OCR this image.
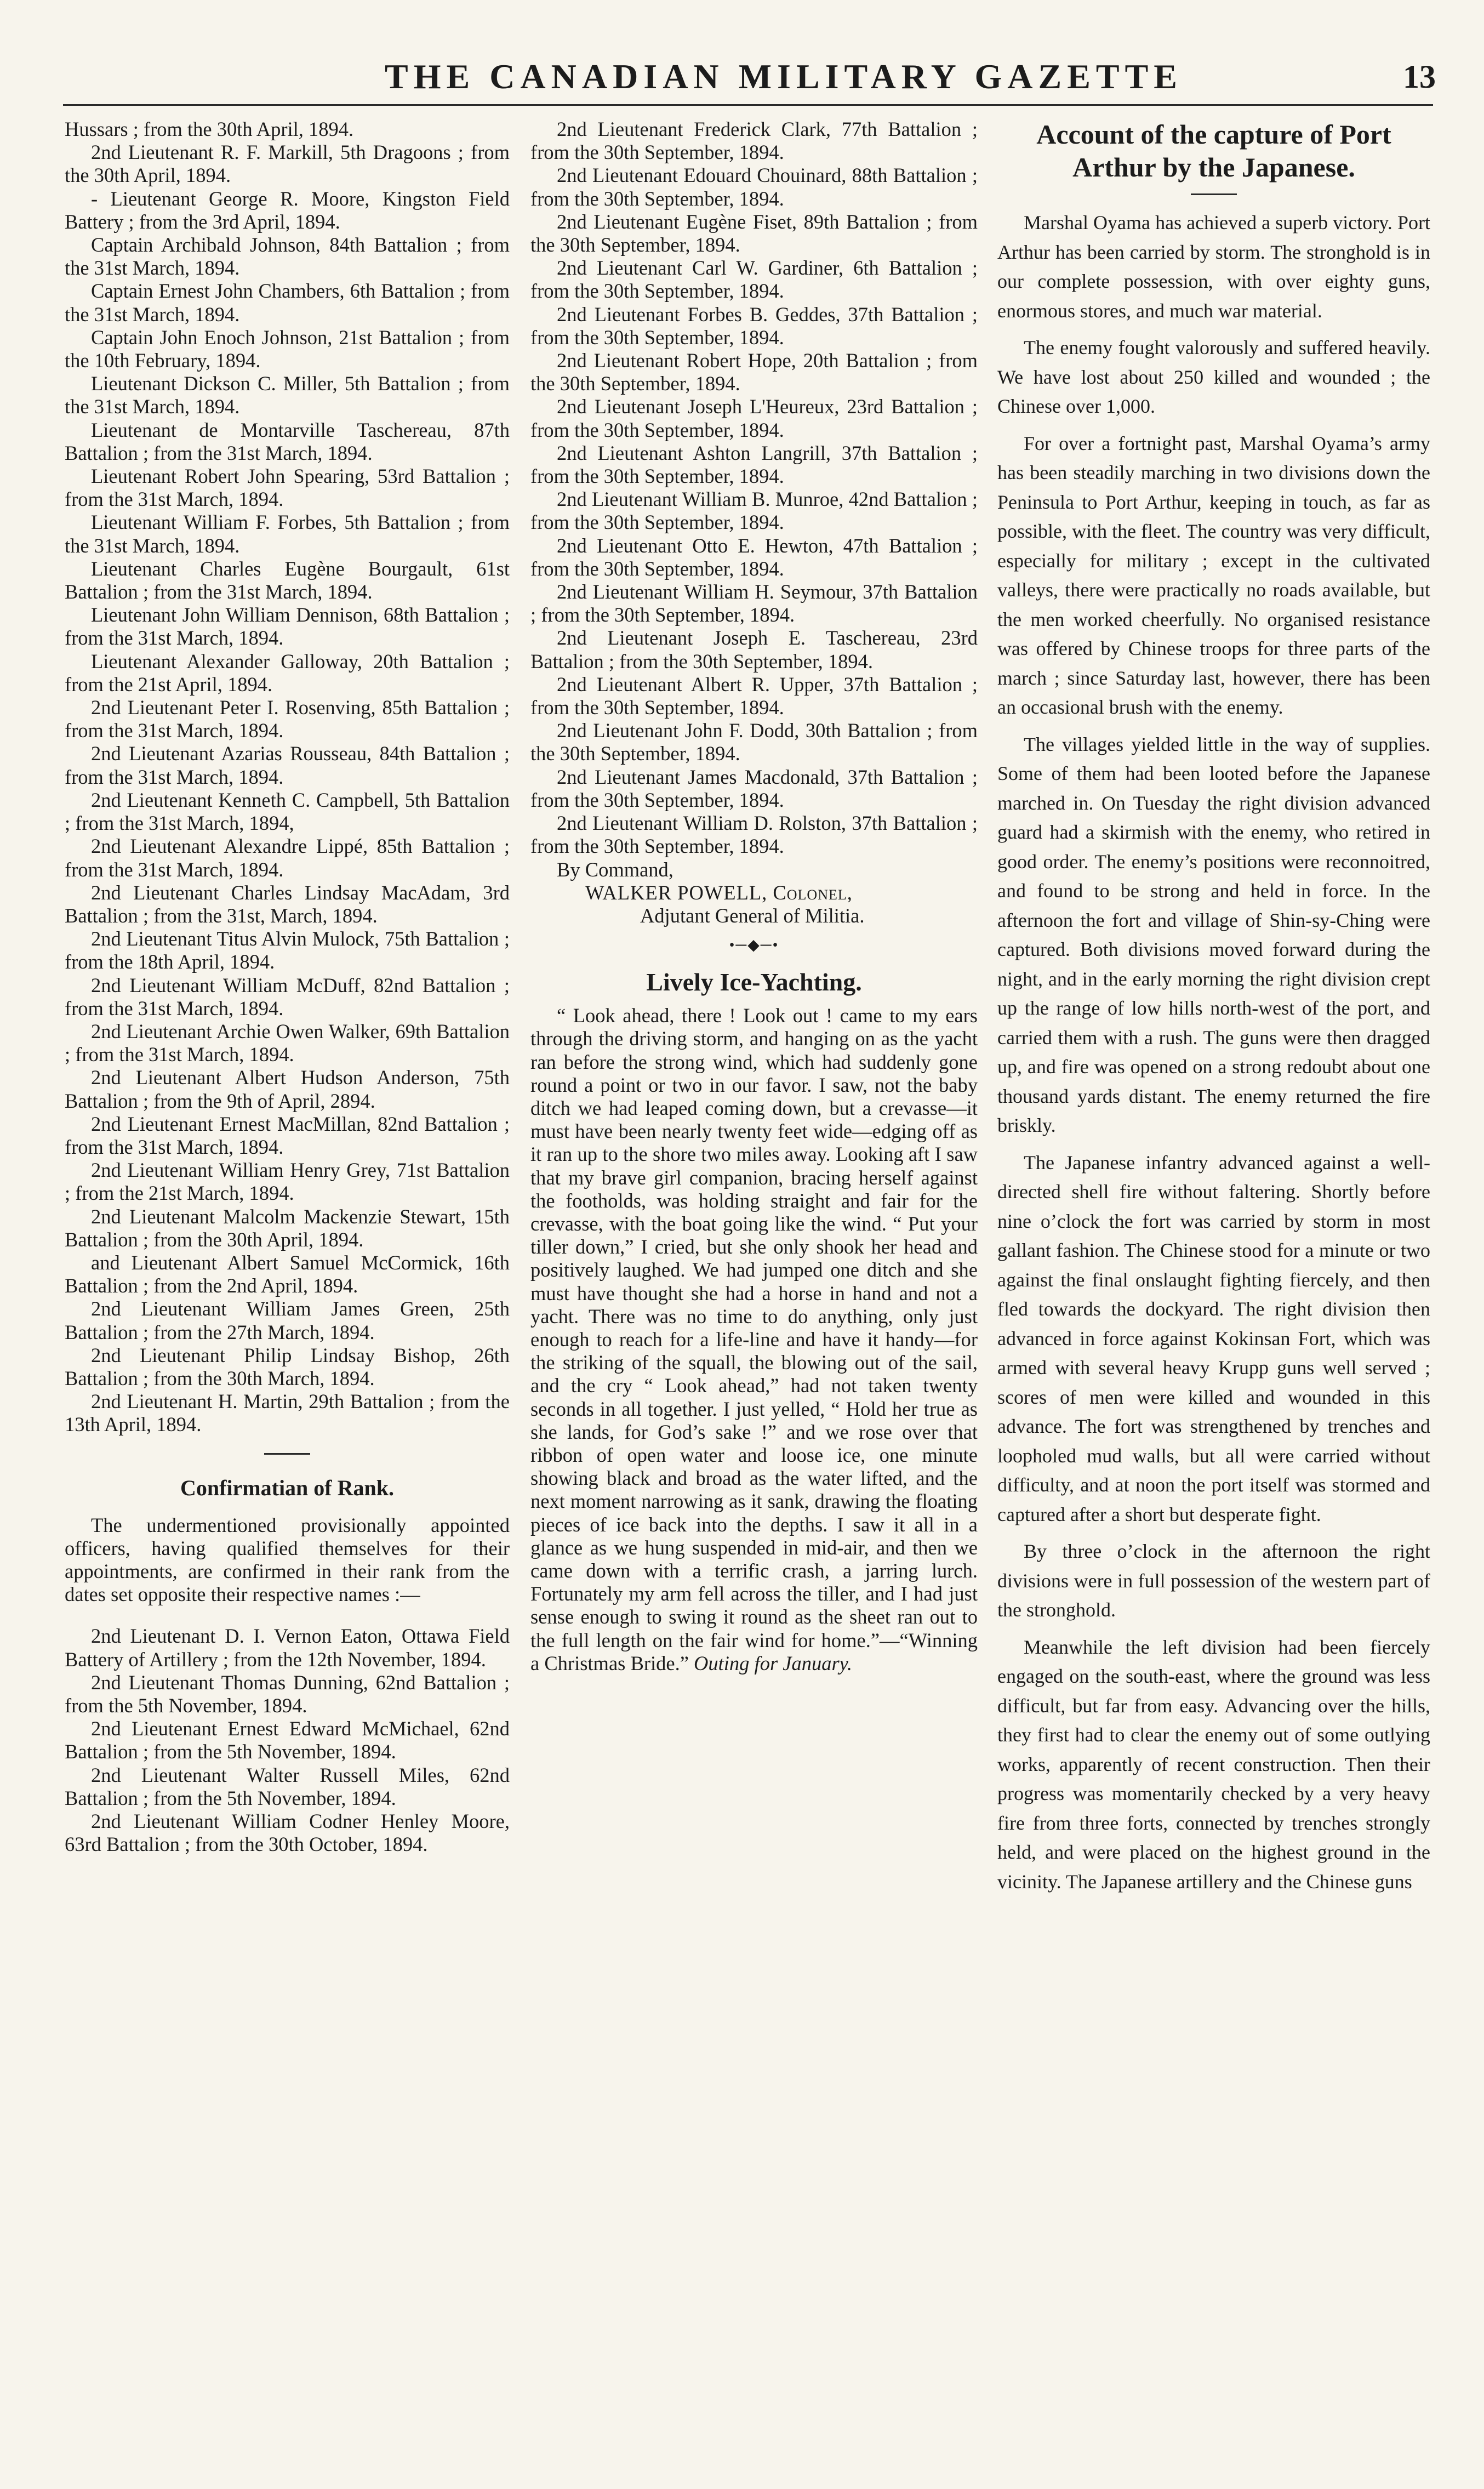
THE CANADIAN MILITARY GAZETTE	13

Hussars ; from the 30th April, 1894.

2nd Lieutenant R. F. Markill, 5th Dragoons ; from the 30th April, 1894.

- Lieutenant George R. Moore, Kingston Field Battery ; from the 3rd April, 1894.

Captain Archibald Johnson, 84th Battalion ; from the 31st March, 1894.

Captain Ernest John Chambers, 6th Battalion ; from the 31st March, 1894.

Captain John Enoch Johnson, 21st Battalion ; from the 10th February, 1894.

Lieutenant Dickson C. Miller, 5th Battalion ; from the 31st March, 1894.

Lieutenant de Montarville Taschereau, 87th Battalion ; from the 31st March, 1894.

Lieutenant Robert John Spearing, 53rd Battalion ; from the 31st March, 1894.

Lieutenant William F. Forbes, 5th Battalion ; from the 31st March, 1894.

Lieutenant Charles Eugène Bourgault, 61st Battalion ; from the 31st March, 1894.

Lieutenant John William Dennison, 68th Battalion ; from the 31st March, 1894.

Lieutenant Alexander Galloway, 20th Battalion ; from the 21st April, 1894.

2nd Lieutenant Peter I. Rosenving, 85th Battalion ; from the 31st March, 1894.

2nd Lieutenant Azarias Rousseau, 84th Battalion ; from the 31st March, 1894.

2nd Lieutenant Kenneth C. Campbell, 5th Battalion ; from the 31st March, 1894,

2nd Lieutenant Alexandre Lippé, 85th Battalion ; from the 31st March, 1894.

2nd Lieutenant Charles Lindsay MacAdam, 3rd Battalion ; from the 31st, March, 1894.

2nd Lieutenant Titus Alvin Mulock, 75th Battalion ; from the 18th April, 1894.

2nd Lieutenant William McDuff, 82nd Battalion ; from the 31st March, 1894.

2nd Lieutenant Archie Owen Walker, 69th Battalion ; from the 31st March, 1894.

2nd Lieutenant Albert Hudson Anderson, 75th Battalion ; from the 9th of April, 2894.

2nd Lieutenant Ernest MacMillan, 82nd Battalion ; from the 31st March, 1894.

2nd Lieutenant William Henry Grey, 71st Battalion ; from the 21st March, 1894.

2nd Lieutenant Malcolm Mackenzie Stewart, 15th Battalion ; from the 30th April, 1894.

and Lieutenant Albert Samuel McCormick, 16th Battalion ; from the 2nd April, 1894.

2nd Lieutenant William James Green, 25th Battalion ; from the 27th March, 1894.

2nd Lieutenant Philip Lindsay Bishop, 26th Battalion ; from the 30th March, 1894.

2nd Lieutenant H. Martin, 29th Battalion ; from the 13th April, 1894.

Confirmatian of Rank.

The undermentioned provisionally appointed officers, having qualified themselves for their appointments, are confirmed in their rank from the dates set opposite their respective names :—

2nd Lieutenant D. I. Vernon Eaton, Ottawa Field Battery of Artillery ; from the 12th November, 1894.

2nd Lieutenant Thomas Dunning, 62nd Battalion ; from the 5th November, 1894.

2nd Lieutenant Ernest Edward McMichael, 62nd Battalion ; from the 5th November, 1894.

2nd Lieutenant Walter Russell Miles, 62nd Battalion ; from the 5th November, 1894.

2nd Lieutenant William Codner Henley Moore, 63rd Battalion ; from the 30th October, 1894.

2nd Lieutenant Frederick Clark, 77th Battalion ; from the 30th September, 1894.

2nd Lieutenant Edouard Chouinard, 88th Battalion ; from the 30th September, 1894.

2nd Lieutenant Eugène Fiset, 89th Battalion ; from the 30th September, 1894.

2nd Lieutenant Carl W. Gardiner, 6th Battalion ; from the 30th September, 1894.

2nd Lieutenant Forbes B. Geddes, 37th Battalion ; from the 30th September, 1894.

2nd Lieutenant Robert Hope, 20th Battalion ; from the 30th September, 1894.

2nd Lieutenant Joseph L'Heureux, 23rd Battalion ; from the 30th September, 1894.

2nd Lieutenant Ashton Langrill, 37th Battalion ; from the 30th September, 1894.

2nd Lieutenant William B. Munroe, 42nd Battalion ; from the 30th September, 1894.

2nd Lieutenant Otto E. Hewton, 47th Battalion ; from the 30th September, 1894.

2nd Lieutenant William H. Seymour, 37th Battalion ; from the 30th September, 1894.

2nd Lieutenant Joseph E. Taschereau, 23rd Battalion ; from the 30th September, 1894.

2nd Lieutenant Albert R. Upper, 37th Battalion ; from the 30th September, 1894.

2nd Lieutenant John F. Dodd, 30th Battalion ; from the 30th September, 1894.

2nd Lieutenant James Macdonald, 37th Battalion ; from the 30th September, 1894.

2nd Lieutenant William D. Rolston, 37th Battalion ; from the 30th September, 1894.

By Command,

WALKER POWELL, Colonel,

Adjutant General of Militia.

•─◆─•
Lively Ice-Yachting.

“ Look ahead, there ! Look out ! came to my ears through the driving storm, and hanging on as the yacht ran before the strong wind, which had suddenly gone round a point or two in our favor. I saw, not the baby ditch we had leaped coming down, but a crevasse—it must have been nearly twenty feet wide—edging off as it ran up to the shore two miles away. Looking aft I saw that my brave girl companion, bracing herself against the footholds, was holding straight and fair for the crevasse, with the boat going like the wind. “ Put your tiller down,” I cried, but she only shook her head and positively laughed. We had jumped one ditch and she must have thought she had a horse in hand and not a yacht. There was no time to do anything, only just enough to reach for a life-line and have it handy—for the striking of the squall, the blowing out of the sail, and the cry “ Look ahead,” had not taken twenty seconds in all together. I just yelled, “ Hold her true as she lands, for God’s sake !” and we rose over that ribbon of open water and loose ice, one minute showing black and broad as the water lifted, and the next moment narrowing as it sank, drawing the floating pieces of ice back into the depths. I saw it all in a glance as we hung suspended in mid-air, and then we came down with a terrific crash, a jarring lurch. Fortunately my arm fell across the tiller, and I had just sense enough to swing it round as the sheet ran out to the full length on the fair wind for home.”—“Winning a Christmas Bride.” Outing for January.

Account of the capture of Port Arthur by the Japanese.

Marshal Oyama has achieved a superb victory. Port Arthur has been carried by storm. The stronghold is in our complete possession, with over eighty guns, enormous stores, and much war material.

The enemy fought valorously and suffered heavily. We have lost about 250 killed and wounded ; the Chinese over 1,000.

For over a fortnight past, Marshal Oyama’s army has been steadily marching in two divisions down the Peninsula to Port Arthur, keeping in touch, as far as possible, with the fleet. The country was very difficult, especially for military ; except in the cultivated valleys, there were practically no roads available, but the men worked cheerfully. No organised resistance was offered by Chinese troops for three parts of the march ; since Saturday last, however, there has been an occasional brush with the enemy.

The villages yielded little in the way of supplies. Some of them had been looted before the Japanese marched in. On Tuesday the right division advanced guard had a skirmish with the enemy, who retired in good order. The enemy’s positions were reconnoitred, and found to be strong and held in force. In the afternoon the fort and village of Shin-sy-Ching were captured. Both divisions moved forward during the night, and in the early morning the right division crept up the range of low hills north-west of the port, and carried them with a rush. The guns were then dragged up, and fire was opened on a strong redoubt about one thousand yards distant. The enemy returned the fire briskly.

The Japanese infantry advanced against a well-directed shell fire without faltering. Shortly before nine o’clock the fort was carried by storm in most gallant fashion. The Chinese stood for a minute or two against the final onslaught fighting fiercely, and then fled towards the dockyard. The right division then advanced in force against Kokinsan Fort, which was armed with several heavy Krupp guns well served ; scores of men were killed and wounded in this advance. The fort was strengthened by trenches and loopholed mud walls, but all were carried without difficulty, and at noon the port itself was stormed and captured after a short but desperate fight.

By three o’clock in the afternoon the right divisions were in full possession of the western part of the stronghold.

Meanwhile the left division had been fiercely engaged on the south-east, where the ground was less difficult, but far from easy. Advancing over the hills, they first had to clear the enemy out of some outlying works, apparently of recent construction. Then their progress was momentarily checked by a very heavy fire from three forts, connected by trenches strongly held, and were placed on the highest ground in the vicinity. The Japanese artillery and the Chinese guns
